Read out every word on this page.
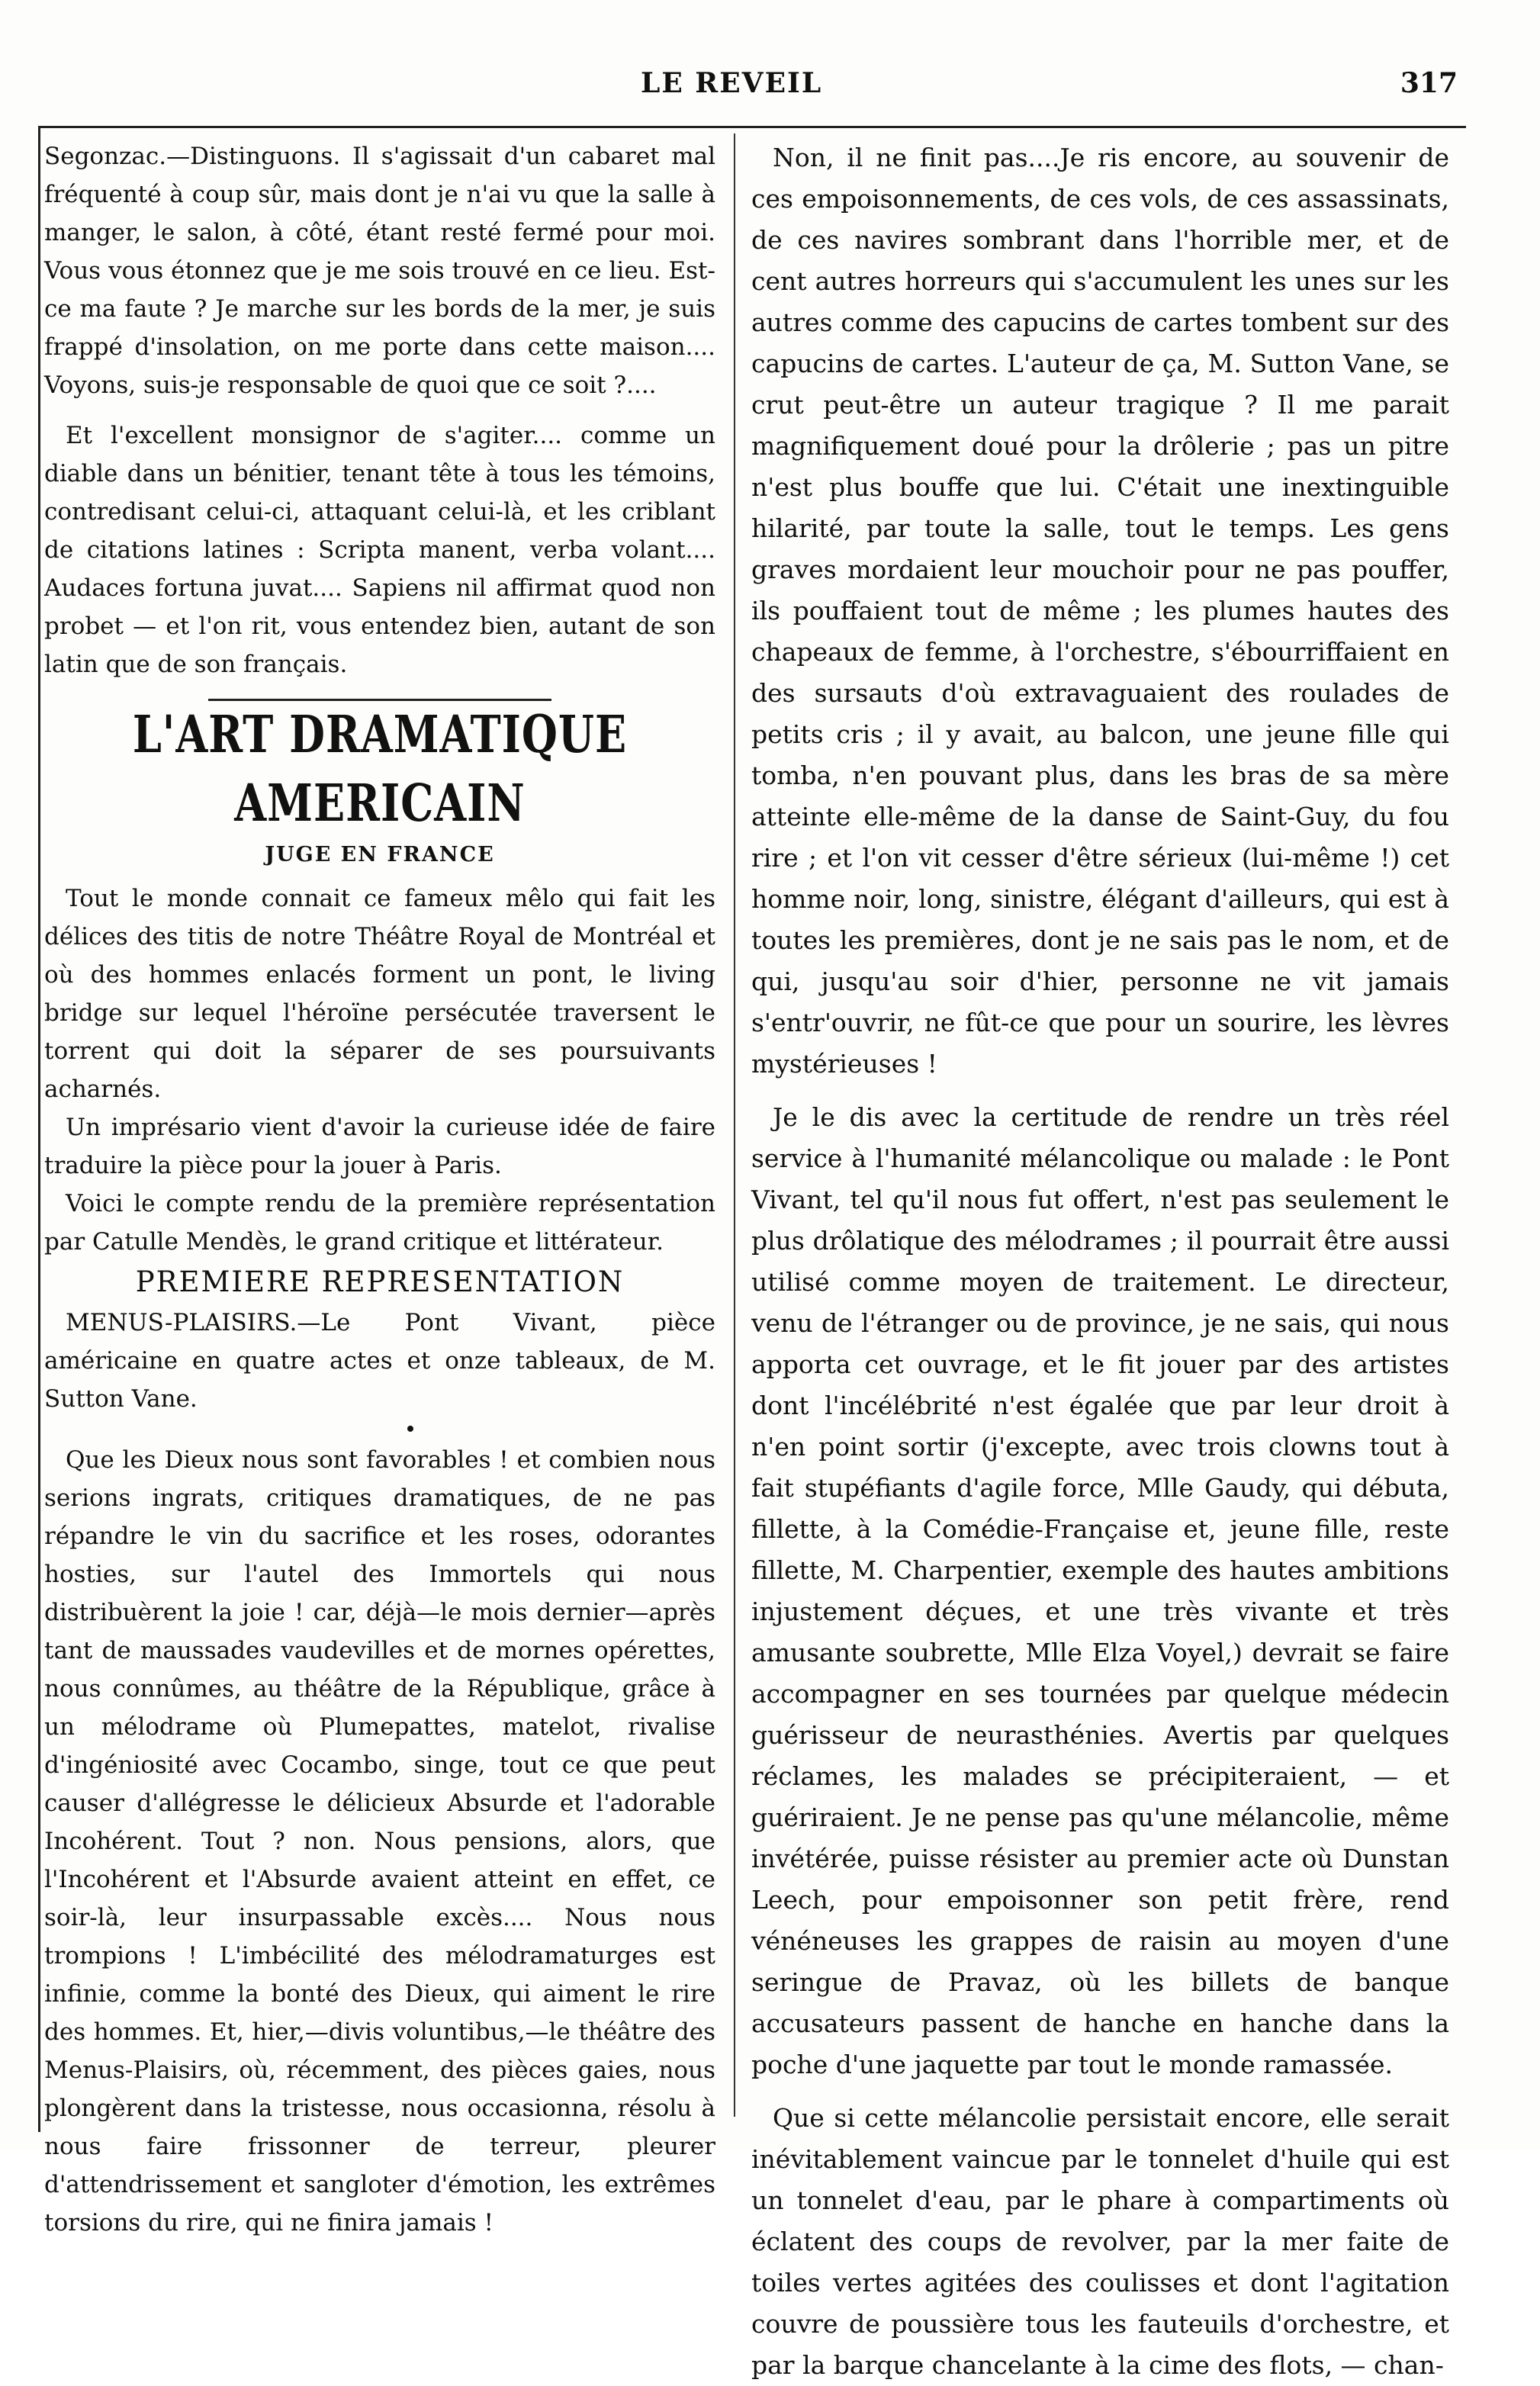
LE REVEIL	317

Segonzac.—Distinguons. Il s'agissait d'un cabaret mal fréquenté à coup sûr, mais dont je n'ai vu que la salle à manger, le salon, à côté, étant resté fermé pour moi. Vous vous étonnez que je me sois trouvé en ce lieu. Est-ce ma faute ? Je marche sur les bords de la mer, je suis frappé d'insolation, on me porte dans cette maison.... Voyons, suis-je responsable de quoi que ce soit ?....

Et l'excellent monsignor de s'agiter.... comme un diable dans un bénitier, tenant tête à tous les témoins, contredisant celui-ci, attaquant celui-là, et les criblant de citations latines : Scripta manent, verba volant.... Audaces fortuna juvat.... Sapiens nil affirmat quod non probet — et l'on rit, vous entendez bien, autant de son latin que de son français.

L'ART DRAMATIQUE AMERICAIN
JUGE EN FRANCE

Tout le monde connait ce fameux mêlo qui fait les délices des titis de notre Théâtre Royal de Montréal et où des hommes enlacés forment un pont, le living bridge sur lequel l'héroïne persécutée traversent le torrent qui doit la séparer de ses poursuivants acharnés.

Un imprésario vient d'avoir la curieuse idée de faire traduire la pièce pour la jouer à Paris.

Voici le compte rendu de la première représentation par Catulle Mendès, le grand critique et littérateur.

PREMIERE REPRESENTATION

MENUS-PLAISIRS.—Le Pont Vivant, pièce américaine en quatre actes et onze tableaux, de M. Sutton Vane.

Que les Dieux nous sont favorables ! et combien nous serions ingrats, critiques dramatiques, de ne pas répandre le vin du sacrifice et les roses, odorantes hosties, sur l'autel des Immortels qui nous distribuèrent la joie ! car, déjà—le mois dernier—après tant de maussades vaudevilles et de mornes opérettes, nous connûmes, au théâtre de la République, grâce à un mélodrame où Plumepattes, matelot, rivalise d'ingéniosité avec Cocambo, singe, tout ce que peut causer d'allégresse le délicieux Absurde et l'adorable Incohérent. Tout ? non. Nous pensions, alors, que l'Incohérent et l'Absurde avaient atteint en effet, ce soir-là, leur insurpassable excès.... Nous nous trompions ! L'imbécilité des mélodramaturges est infinie, comme la bonté des Dieux, qui aiment le rire des hommes. Et, hier,—divis voluntibus,—le théâtre des Menus-Plaisirs, où, récemment, des pièces gaies, nous plongèrent dans la tristesse, nous occasionna, résolu à nous faire frissonner de terreur, pleurer d'attendrissement et sangloter d'émotion, les extrêmes torsions du rire, qui ne finira jamais !

Non, il ne finit pas....Je ris encore, au souvenir de ces empoisonnements, de ces vols, de ces assassinats, de ces navires sombrant dans l'horrible mer, et de cent autres horreurs qui s'accumulent les unes sur les autres comme des capucins de cartes tombent sur des capucins de cartes. L'auteur de ça, M. Sutton Vane, se crut peut-être un auteur tragique ? Il me parait magnifiquement doué pour la drôlerie ; pas un pitre n'est plus bouffe que lui. C'était une inextinguible hilarité, par toute la salle, tout le temps. Les gens graves mordaient leur mouchoir pour ne pas pouffer, ils pouffaient tout de même ; les plumes hautes des chapeaux de femme, à l'orchestre, s'ébourriffaient en des sursauts d'où extravaguaient des roulades de petits cris ; il y avait, au balcon, une jeune fille qui tomba, n'en pouvant plus, dans les bras de sa mère atteinte elle-même de la danse de Saint-Guy, du fou rire ; et l'on vit cesser d'être sérieux (lui-même !) cet homme noir, long, sinistre, élégant d'ailleurs, qui est à toutes les premières, dont je ne sais pas le nom, et de qui, jusqu'au soir d'hier, personne ne vit jamais s'entr'ouvrir, ne fût-ce que pour un sourire, les lèvres mystérieuses !

Je le dis avec la certitude de rendre un très réel service à l'humanité mélancolique ou malade : le Pont Vivant, tel qu'il nous fut offert, n'est pas seulement le plus drôlatique des mélodrames ; il pourrait être aussi utilisé comme moyen de traitement. Le directeur, venu de l'étranger ou de province, je ne sais, qui nous apporta cet ouvrage, et le fit jouer par des artistes dont l'incélébrité n'est égalée que par leur droit à n'en point sortir (j'excepte, avec trois clowns tout à fait stupéfiants d'agile force, Mlle Gaudy, qui débuta, fillette, à la Comédie-Française et, jeune fille, reste fillette, M. Charpentier, exemple des hautes ambitions injustement déçues, et une très vivante et très amusante soubrette, Mlle Elza Voyel,) devrait se faire accompagner en ses tournées par quelque médecin guérisseur de neurasthénies. Avertis par quelques réclames, les malades se précipiteraient, — et guériraient. Je ne pense pas qu'une mélancolie, même invétérée, puisse résister au premier acte où Dunstan Leech, pour empoisonner son petit frère, rend vénéneuses les grappes de raisin au moyen d'une seringue de Pravaz, où les billets de banque accusateurs passent de hanche en hanche dans la poche d'une jaquette par tout le monde ramassée.

Que si cette mélancolie persistait encore, elle serait inévitablement vaincue par le tonnelet d'huile qui est un tonnelet d'eau, par le phare à compartiments où éclatent des coups de revolver, par la mer faite de toiles vertes agitées des coulisses et dont l'agitation couvre de poussière tous les fauteuils d'orchestre, et par la barque chancelante à la cime des flots, — chan-
